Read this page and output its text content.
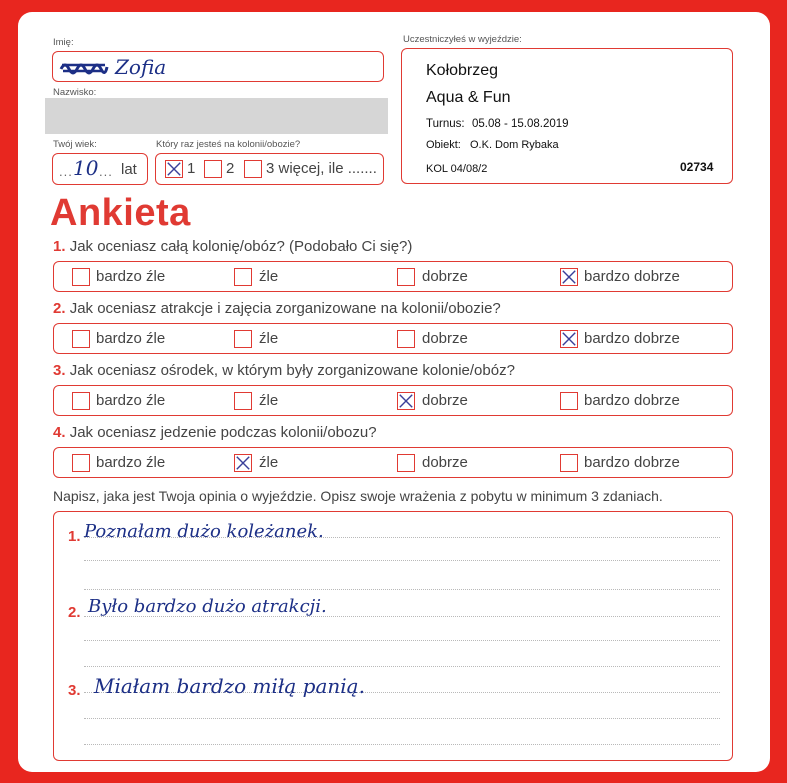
Imię:
Zofia
Nazwisko:
Twój wiek:
... 10 ... lat
Który raz jesteś na kolonii/obozie?
1 2 3 więcej, ile .......
Uczestniczyłeś w wyjeździe:
Kołobrzeg
Aqua & Fun
Turnus: 05.08 - 15.08.2019
Obiekt: O.K. Dom Rybaka
KOL 04/08/2	02734
Ankieta
1. Jak oceniasz całą kolonię/obóz? (Podobało Ci się?)
bardzo źle	źle	dobrze	bardzo dobrze
2. Jak oceniasz atrakcje i zajęcia zorganizowane na kolonii/obozie?
bardzo źle	źle	dobrze	bardzo dobrze
3. Jak oceniasz ośrodek, w którym były zorganizowane kolonie/obóz?
bardzo źle	źle	dobrze	bardzo dobrze
4. Jak oceniasz jedzenie podczas kolonii/obozu?
bardzo źle	źle	dobrze	bardzo dobrze
Napisz, jaka jest Twoja opinia o wyjeździe. Opisz swoje wrażenia z pobytu w minimum 3 zdaniach.
1. Poznałam dużo koleżanek.
2. Było bardzo dużo atrakcji.
3. Miałam bardzo miłą panią.
